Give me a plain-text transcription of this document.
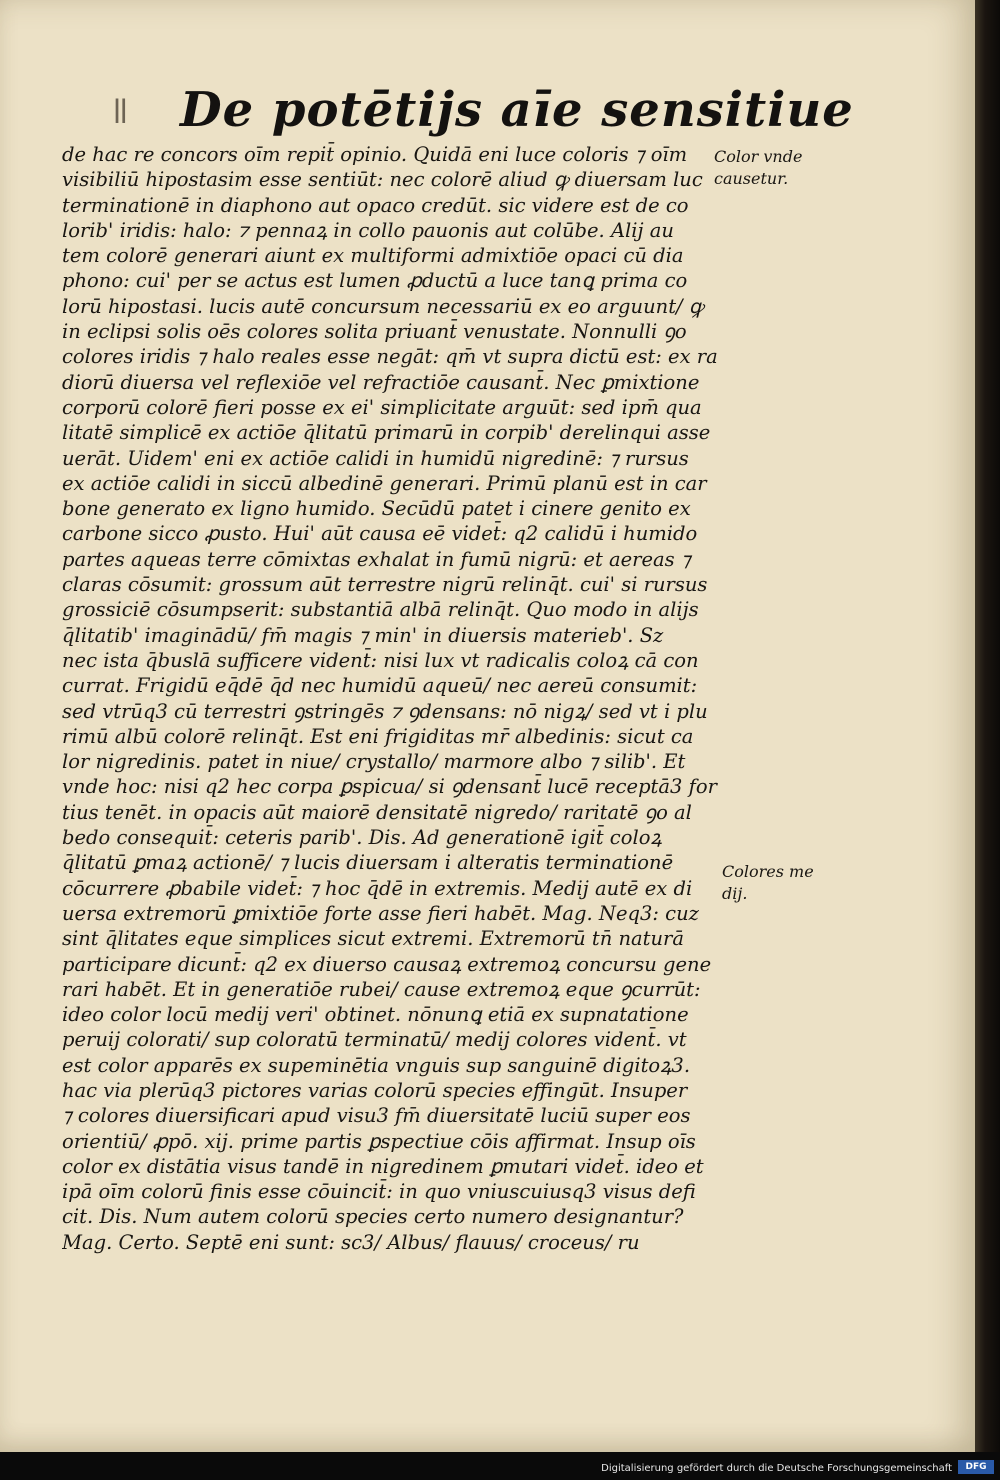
ǁ De potētijs aīe sensitiue
de hac re concors oīm repit̄ opinio. Quidā eni luce coloris ⁊ oīm
visibiliū hipostasim esse sentiūt: nec colorē aliud ꝙ diuersam luc
terminationē in diaphono aut opaco credūt. sic videre est de co
lorib' iridis: halo: ⁊ pennaꝝ in collo pauonis aut colūbe. Alij au
tem colorē generari aiunt ex multiformi admixtiōe opaci cū dia
phono: cui' per se actus est lumen ꝓductū a luce tanꝗ prima co
lorū hipostasi. lucis autē concursum necessariū ex eo arguunt/ ꝙ
in eclipsi solis oēs colores solita priuant̄ venustate. Nonnulli ꝯo
colores iridis ⁊ halo reales esse negāt: qm̄ vt supra dictū est: ex ra
diorū diuersa vel reflexiōe vel refractiōe causant̄. Nec ꝑmixtione
corporū colorē fieri posse ex ei' simplicitate arguūt: sed ipm̄ qua
litatē simplicē ex actiōe q̄litatū primarū in corpib' derelinqui asse
uerāt. Uidem' eni ex actiōe calidi in humidū nigredinē: ⁊ rursus
ex actiōe calidi in siccū albedinē generari. Primū planū est in car
bone generato ex ligno humido. Secūdū patet i cinere genito ex
carbone sicco ꝓusto. Hui' aūt causa eē videt̄: q2 calidū i humido
partes aqueas terre cōmixtas exhalat in fumū nigrū: et aereas ⁊
claras cōsumit: grossum aūt terrestre nigrū relinq̄t. cui' si rursus
grossiciē cōsumpserit: substantiā albā relinq̄t. Quo modo in alijs
q̄litatib' imaginādū/ fm̄ magis ⁊ min' in diuersis materieb'. Sz
nec ista q̄buslā sufficere vident̄: nisi lux vt radicalis coloꝝ cā con
currat. Frigidū eq̄dē q̄d nec humidū aqueū/ nec aereū consumit:
sed vtrūq3 cū terrestri ꝯstringēs ⁊ ꝯdensans: nō nigꝝ/ sed vt i plu
rimū albū colorē relinq̄t. Est eni frigiditas mr̄ albedinis: sicut ca
lor nigredinis. patet in niue/ crystallo/ marmore albo ⁊ silib'. Et
vnde hoc: nisi q2 hec corpa ꝑspicua/ si ꝯdensant̄ lucē receptā3 for
tius tenēt. in opacis aūt maiorē densitatē nigredo/ raritatē ꝯo al
bedo consequit̄: ceteris parib'. Dis. Ad generationē igit̄ coloꝝ
q̄litatū ꝑmaꝝ actionē/ ⁊ lucis diuersam i alteratis terminationē
cōcurrere ꝓbabile videt̄: ⁊ hoc q̄dē in extremis. Medij autē ex di
uersa extremorū ꝑmixtiōe forte asse fieri habēt. Mag. Neq3: cuz
sint q̄litates eque simplices sicut extremi. Extremorū tn̄ naturā
participare dicunt̄: q2 ex diuerso causaꝝ extremoꝝ concursu gene
rari habēt. Et in generatiōe rubei/ cause extremoꝝ eque ꝯcurrūt:
ideo color locū medij veri' obtinet. nōnunꝗ etiā ex supnatatione
peruij colorati/ sup coloratū terminatū/ medij colores vident̄. vt
est color apparēs ex supeminētia vnguis sup sanguinē digitoꝝ3.
hac via plerūq3 pictores varias colorū species effingūt. Insuper
⁊ colores diuersificari apud visu3 fm̄ diuersitatē luciū super eos
orientiū/ ꝓpō. xij. prime partis ꝑspectiue cōis affirmat. Insup oīs
color ex distātia visus tandē in nigredinem ꝑmutari videt̄. ideo et
ipā oīm colorū finis esse cōuincit̄: in quo vniuscuiusq3 visus defi
cit. Dis. Num autem colorū species certo numero designantur?
Mag. Certo. Septē eni sunt: sc3/ Albus/ flauus/ croceus/ ru
Color vnde
causetur.
Colores me
dij.
Digitalisierung gefördert durch die Deutsche Forschungsgemeinschaft	DFG
